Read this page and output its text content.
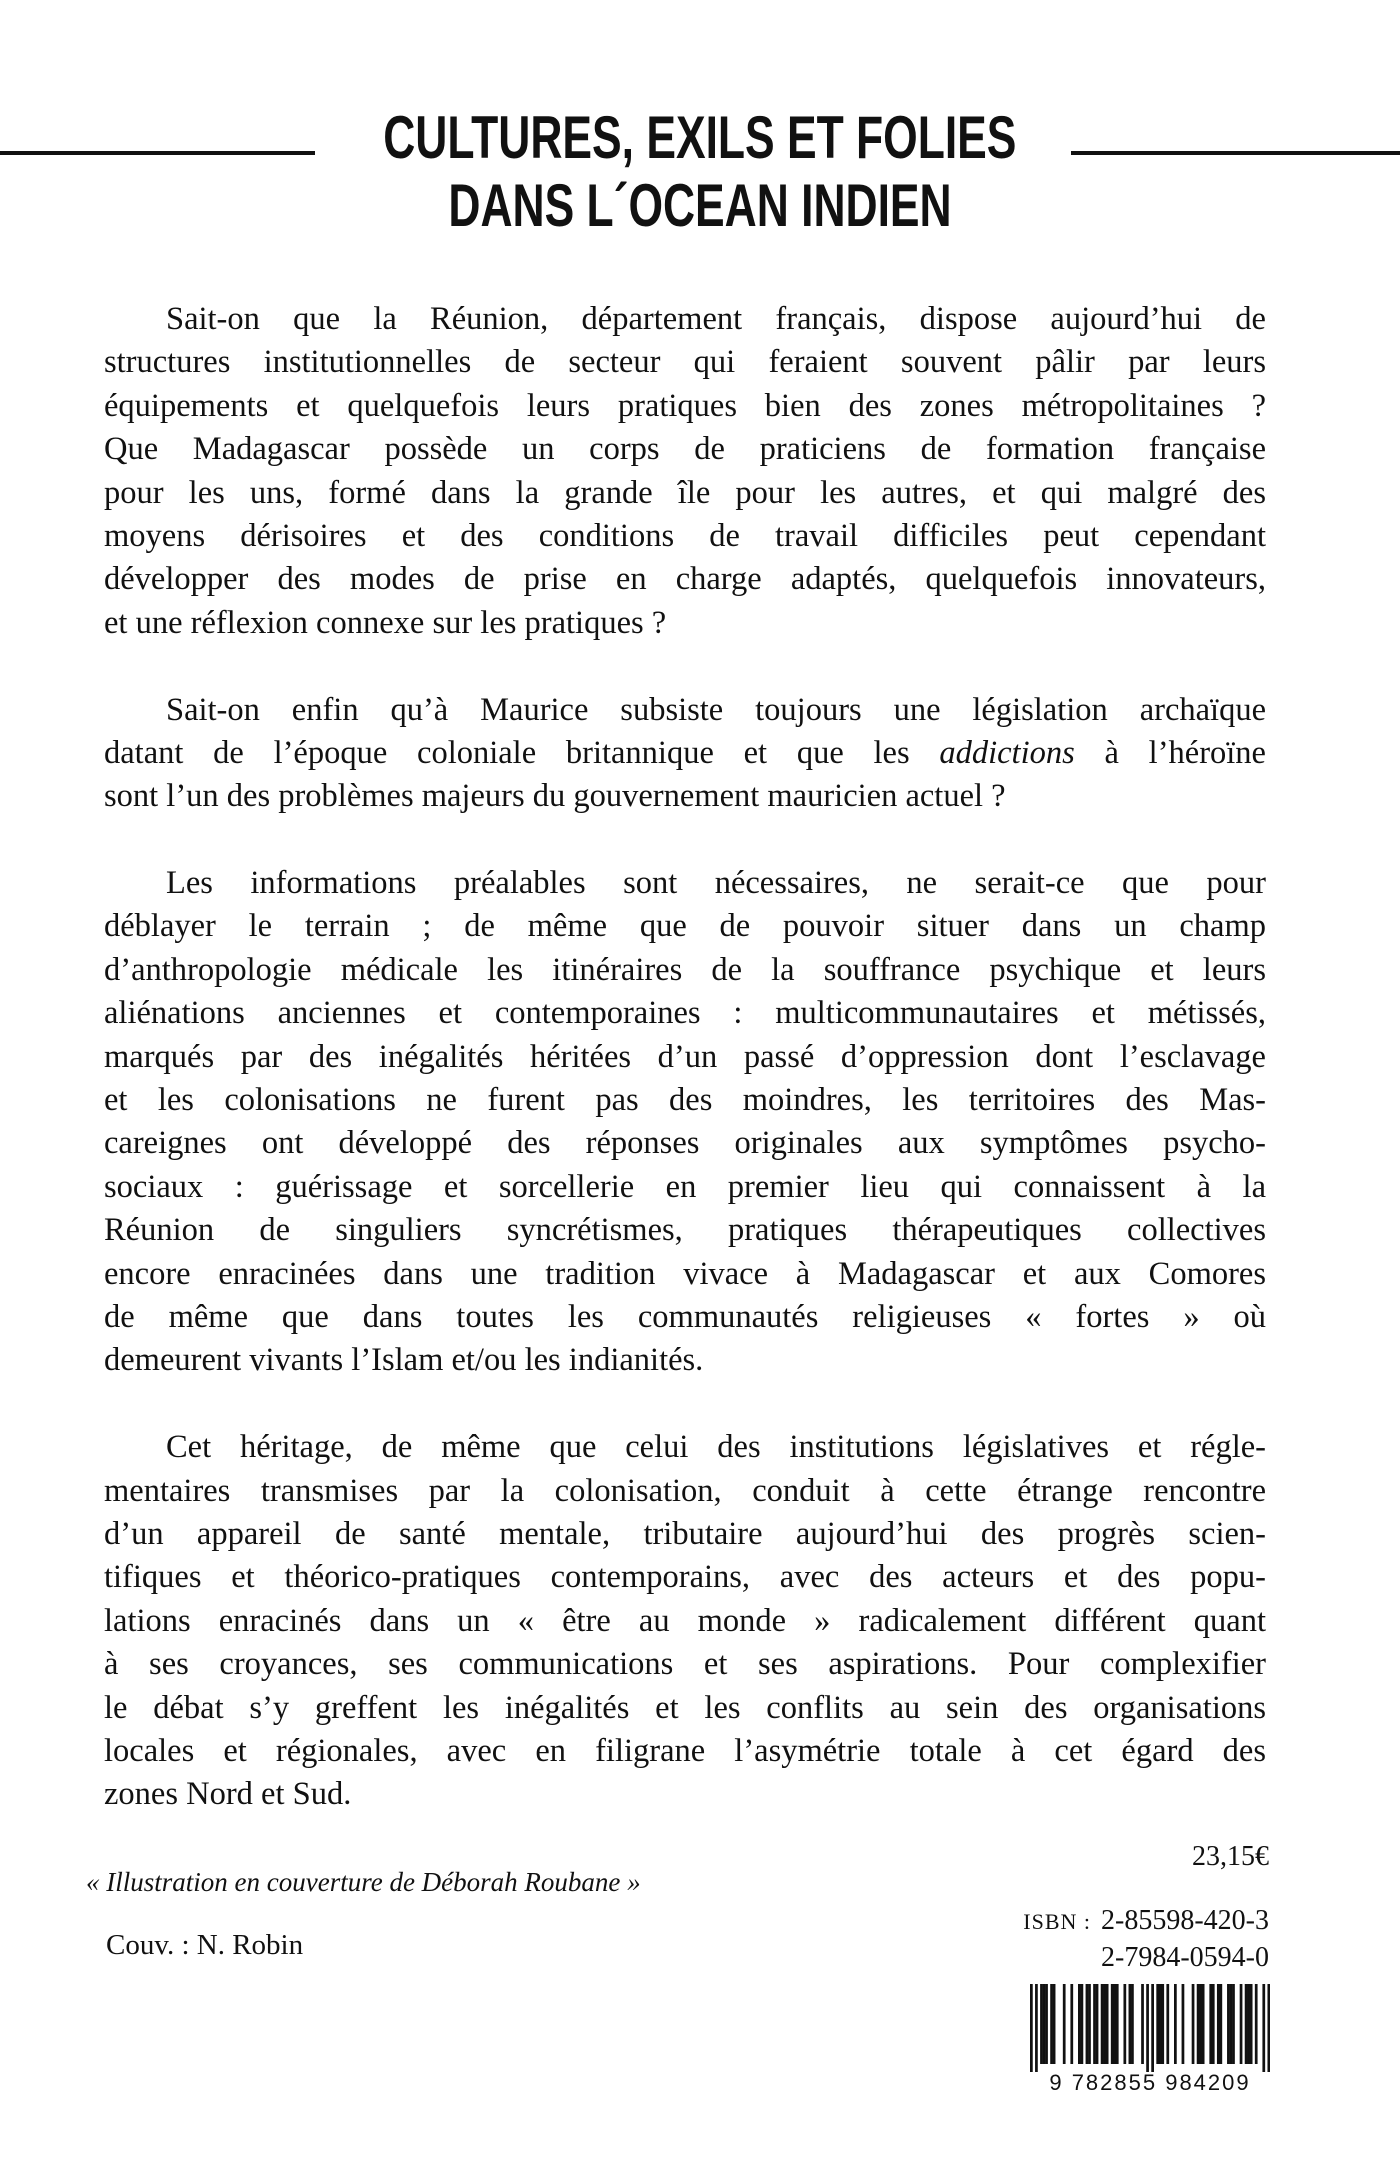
CULTURES, EXILS ET FOLIES
DANS L´OCEAN INDIEN
Sait-on que la Réunion, département français, dispose aujourd’hui de
structures institutionnelles de secteur qui feraient souvent pâlir par leurs
équipements et quelquefois leurs pratiques bien des zones métropolitaines ?
Que Madagascar possède un corps de praticiens de formation française
pour les uns, formé dans la grande île pour les autres, et qui malgré des
moyens dérisoires et des conditions de travail difficiles peut cependant
développer des modes de prise en charge adaptés, quelquefois innovateurs,
et une réflexion connexe sur les pratiques ?
Sait-on enfin qu’à Maurice subsiste toujours une législation archaïque
datant de l’époque coloniale britannique et que les addictions à l’héroïne
sont l’un des problèmes majeurs du gouvernement mauricien actuel ?
Les informations préalables sont nécessaires, ne serait-ce que pour
déblayer le terrain ; de même que de pouvoir situer dans un champ
d’anthropologie médicale les itinéraires de la souffrance psychique et leurs
aliénations anciennes et contemporaines : multicommunautaires et métissés,
marqués par des inégalités héritées d’un passé d’oppression dont l’esclavage
et les colonisations ne furent pas des moindres, les territoires des Mas-
careignes ont développé des réponses originales aux symptômes psycho-
sociaux : guérissage et sorcellerie en premier lieu qui connaissent à la
Réunion de singuliers syncrétismes, pratiques thérapeutiques collectives
encore enracinées dans une tradition vivace à Madagascar et aux Comores
de même que dans toutes les communautés religieuses « fortes » où
demeurent vivants l’Islam et/ou les indianités.
Cet héritage, de même que celui des institutions législatives et régle-
mentaires transmises par la colonisation, conduit à cette étrange rencontre
d’un appareil de santé mentale, tributaire aujourd’hui des progrès scien-
tifiques et théorico-pratiques contemporains, avec des acteurs et des popu-
lations enracinés dans un « être au monde » radicalement différent quant
à ses croyances, ses communications et ses aspirations. Pour complexifier
le débat s’y greffent les inégalités et les conflits au sein des organisations
locales et régionales, avec en filigrane l’asymétrie totale à cet égard des
zones Nord et Sud.
« Illustration en couverture de Déborah Roubane »
Couv. : N. Robin
23,15€
ISBN : 2-85598-420-3
2-7984-0594-0
9 782855 984209
